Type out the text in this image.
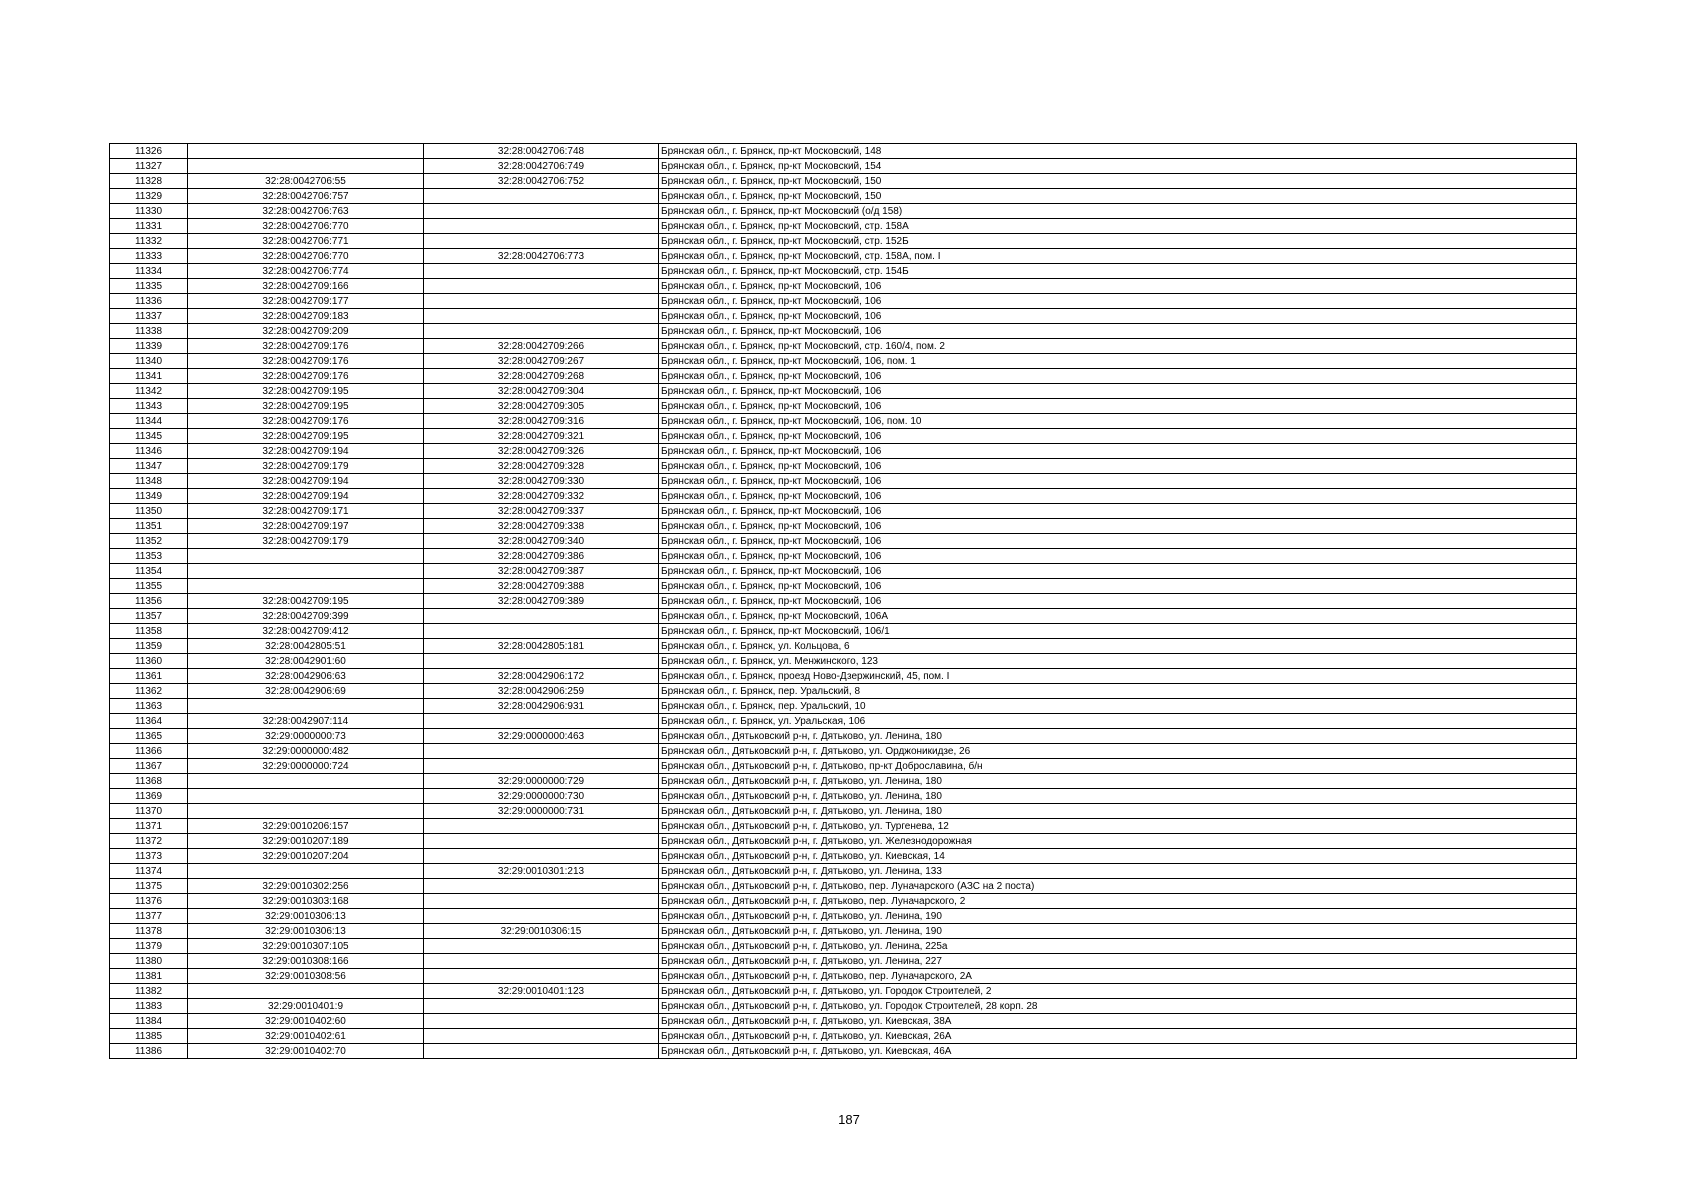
11326		32:28:0042706:748	Брянская обл., г. Брянск, пр-кт Московский, 148
11327		32:28:0042706:749	Брянская обл., г. Брянск, пр-кт Московский, 154
11328	32:28:0042706:55	32:28:0042706:752	Брянская обл., г. Брянск, пр-кт Московский, 150
11329	32:28:0042706:757		Брянская обл., г. Брянск, пр-кт Московский, 150
11330	32:28:0042706:763		Брянская обл., г. Брянск, пр-кт Московский (о/д 158)
11331	32:28:0042706:770		Брянская обл., г. Брянск, пр-кт Московский, стр. 158А
11332	32:28:0042706:771		Брянская обл., г. Брянск, пр-кт Московский, стр. 152Б
11333	32:28:0042706:770	32:28:0042706:773	Брянская обл., г. Брянск, пр-кт Московский, стр. 158А, пом. I
11334	32:28:0042706:774		Брянская обл., г. Брянск, пр-кт Московский, стр. 154Б
11335	32:28:0042709:166		Брянская обл., г. Брянск, пр-кт Московский, 106
11336	32:28:0042709:177		Брянская обл., г. Брянск, пр-кт Московский, 106
11337	32:28:0042709:183		Брянская обл., г. Брянск, пр-кт Московский, 106
11338	32:28:0042709:209		Брянская обл., г. Брянск, пр-кт Московский, 106
11339	32:28:0042709:176	32:28:0042709:266	Брянская обл., г. Брянск, пр-кт Московский, стр. 160/4, пом. 2
11340	32:28:0042709:176	32:28:0042709:267	Брянская обл., г. Брянск, пр-кт Московский, 106, пом. 1
11341	32:28:0042709:176	32:28:0042709:268	Брянская обл., г. Брянск, пр-кт Московский, 106
11342	32:28:0042709:195	32:28:0042709:304	Брянская обл., г. Брянск, пр-кт Московский, 106
11343	32:28:0042709:195	32:28:0042709:305	Брянская обл., г. Брянск, пр-кт Московский, 106
11344	32:28:0042709:176	32:28:0042709:316	Брянская обл., г. Брянск, пр-кт Московский, 106, пом. 10
11345	32:28:0042709:195	32:28:0042709:321	Брянская обл., г. Брянск, пр-кт Московский, 106
11346	32:28:0042709:194	32:28:0042709:326	Брянская обл., г. Брянск, пр-кт Московский, 106
11347	32:28:0042709:179	32:28:0042709:328	Брянская обл., г. Брянск, пр-кт Московский, 106
11348	32:28:0042709:194	32:28:0042709:330	Брянская обл., г. Брянск, пр-кт Московский, 106
11349	32:28:0042709:194	32:28:0042709:332	Брянская обл., г. Брянск, пр-кт Московский, 106
11350	32:28:0042709:171	32:28:0042709:337	Брянская обл., г. Брянск, пр-кт Московский, 106
11351	32:28:0042709:197	32:28:0042709:338	Брянская обл., г. Брянск, пр-кт Московский, 106
11352	32:28:0042709:179	32:28:0042709:340	Брянская обл., г. Брянск, пр-кт Московский, 106
11353		32:28:0042709:386	Брянская обл., г. Брянск, пр-кт Московский, 106
11354		32:28:0042709:387	Брянская обл., г. Брянск, пр-кт Московский, 106
11355		32:28:0042709:388	Брянская обл., г. Брянск, пр-кт Московский, 106
11356	32:28:0042709:195	32:28:0042709:389	Брянская обл., г. Брянск, пр-кт Московский, 106
11357	32:28:0042709:399		Брянская обл., г. Брянск, пр-кт Московский, 106А
11358	32:28:0042709:412		Брянская обл., г. Брянск, пр-кт Московский, 106/1
11359	32:28:0042805:51	32:28:0042805:181	Брянская обл., г. Брянск, ул. Кольцова, 6
11360	32:28:0042901:60		Брянская обл., г. Брянск, ул. Менжинского, 123
11361	32:28:0042906:63	32:28:0042906:172	Брянская обл., г. Брянск, проезд Ново-Дзержинский, 45, пом. I
11362	32:28:0042906:69	32:28:0042906:259	Брянская обл., г. Брянск, пер. Уральский, 8
11363		32:28:0042906:931	Брянская обл., г. Брянск, пер. Уральский, 10
11364	32:28:0042907:114		Брянская обл., г. Брянск, ул. Уральская, 106
11365	32:29:0000000:73	32:29:0000000:463	Брянская обл., Дятьковский р-н, г. Дятьково, ул. Ленина, 180
11366	32:29:0000000:482		Брянская обл., Дятьковский р-н, г. Дятьково, ул. Орджоникидзе, 26
11367	32:29:0000000:724		Брянская обл., Дятьковский р-н, г. Дятьково, пр-кт Доброславина, б/н
11368		32:29:0000000:729	Брянская обл., Дятьковский р-н, г. Дятьково, ул. Ленина, 180
11369		32:29:0000000:730	Брянская обл., Дятьковский р-н, г. Дятьково, ул. Ленина, 180
11370		32:29:0000000:731	Брянская обл., Дятьковский р-н, г. Дятьково, ул. Ленина, 180
11371	32:29:0010206:157		Брянская обл., Дятьковский р-н, г. Дятьково, ул. Тургенева, 12
11372	32:29:0010207:189		Брянская обл., Дятьковский р-н, г. Дятьково, ул. Железнодорожная
11373	32:29:0010207:204		Брянская обл., Дятьковский р-н, г. Дятьково, ул. Киевская, 14
11374		32:29:0010301:213	Брянская обл., Дятьковский р-н, г. Дятьково, ул. Ленина, 133
11375	32:29:0010302:256		Брянская обл., Дятьковский р-н, г. Дятьково, пер. Луначарского (АЗС на 2 поста)
11376	32:29:0010303:168		Брянская обл., Дятьковский р-н, г. Дятьково, пер. Луначарского, 2
11377	32:29:0010306:13		Брянская обл., Дятьковский р-н, г. Дятьково, ул. Ленина, 190
11378	32:29:0010306:13	32:29:0010306:15	Брянская обл., Дятьковский р-н, г. Дятьково, ул. Ленина, 190
11379	32:29:0010307:105		Брянская обл., Дятьковский р-н, г. Дятьково, ул. Ленина, 225а
11380	32:29:0010308:166		Брянская обл., Дятьковский р-н, г. Дятьково, ул. Ленина, 227
11381	32:29:0010308:56		Брянская обл., Дятьковский р-н, г. Дятьково, пер. Луначарского, 2А
11382		32:29:0010401:123	Брянская обл., Дятьковский р-н, г. Дятьково, ул. Городок Строителей, 2
11383	32:29:0010401:9		Брянская обл., Дятьковский р-н, г. Дятьково, ул. Городок Строителей, 28 корп. 28
11384	32:29:0010402:60		Брянская обл., Дятьковский р-н, г. Дятьково, ул. Киевская, 38А
11385	32:29:0010402:61		Брянская обл., Дятьковский р-н, г. Дятьково, ул. Киевская, 26А
11386	32:29:0010402:70		Брянская обл., Дятьковский р-н, г. Дятьково, ул. Киевская, 46А
187
